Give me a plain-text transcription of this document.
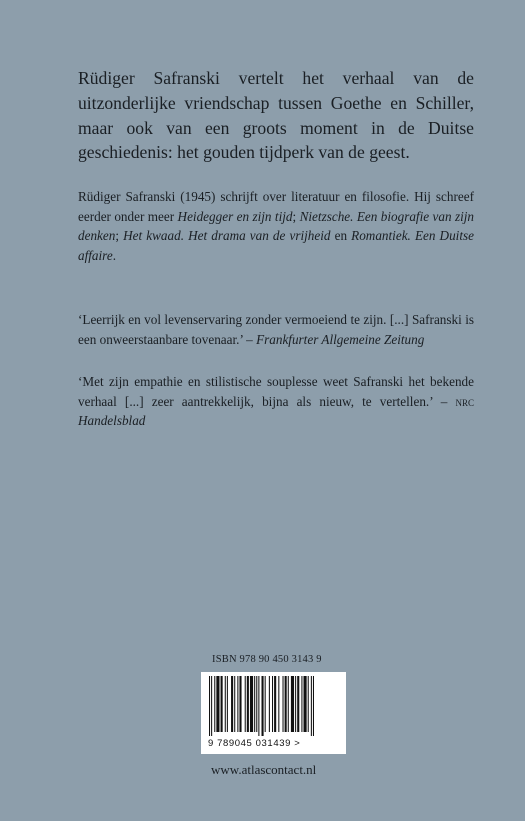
Rüdiger Safranski vertelt het verhaal van de uitzonderlijke vriendschap tussen Goethe en Schiller, maar ook van een groots moment in de Duitse geschiedenis: het gouden tijdperk van de geest.

Rüdiger Safranski (1945) schrijft over literatuur en filosofie. Hij schreef eerder onder meer Heidegger en zijn tijd; Nietzsche. Een biografie van zijn denken; Het kwaad. Het drama van de vrijheid en Romantiek. Een Duitse affaire.

‘Leerrijk en vol levenservaring zonder vermoeiend te zijn. [...] Safranski is een onweerstaanbare tovenaar.’ – Frankfurter Allgemeine Zeitung

‘Met zijn empathie en stilistische souplesse weet Safranski het bekende verhaal [...] zeer aantrekkelijk, bijna als nieuw, te vertellen.’ – nrc Handelsblad

ISBN 978 90 450 3143 9
9 789045 031439 >
www.atlascontact.nl
